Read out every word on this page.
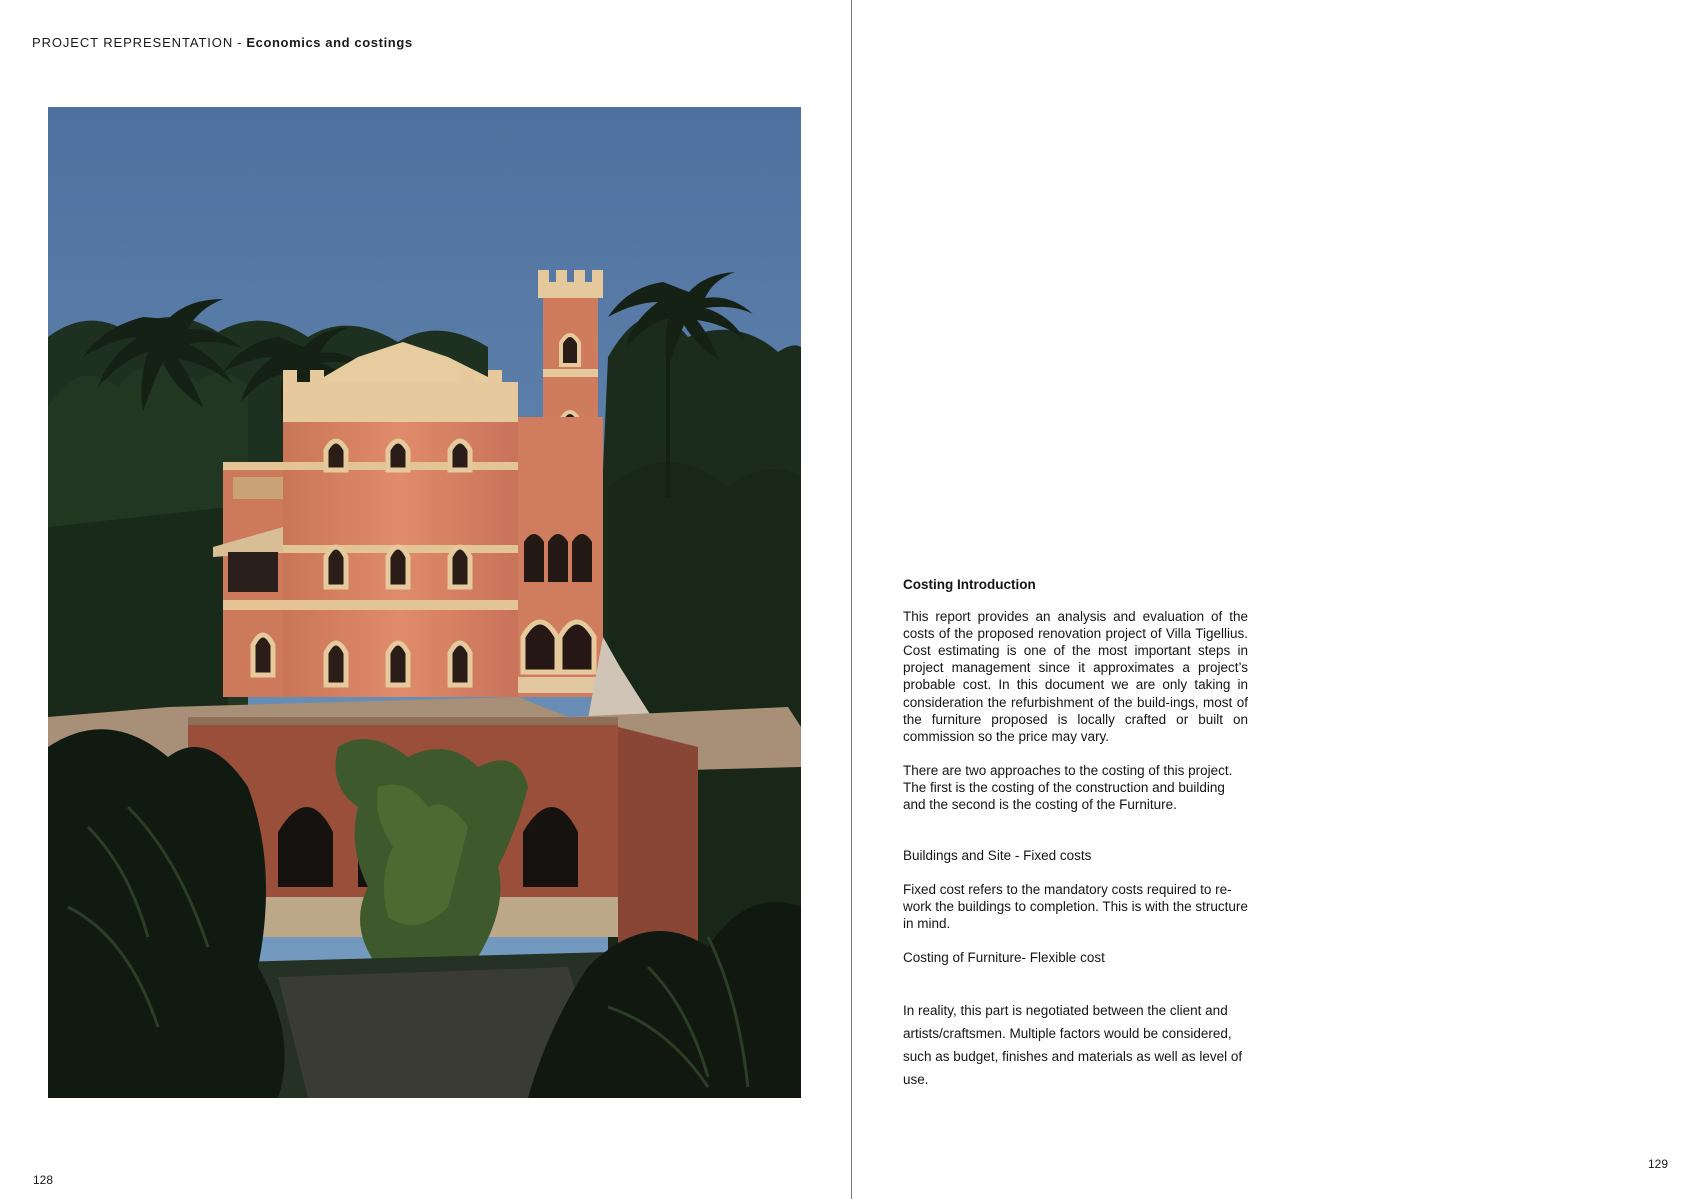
PROJECT REPRESENTATION - Economics and costings
128
Costing Introduction

This report provides an analysis and evaluation of the costs of the proposed renovation project of Villa Tigellius. Cost estimating is one of the most important steps in project management since it approximates a project’s probable cost. In this document we are only taking in consideration the refurbishment of the build-ings, most of the furniture proposed is locally crafted or built on commission so the price may vary.

There are two approaches to the costing of this project. The first is the costing of the construction and building and the second is the costing of the Furniture.

Buildings and Site - Fixed costs

Fixed cost refers to the mandatory costs required to re-work the buildings to completion. This is with the structure in mind.

Costing of Furniture- Flexible cost

In reality, this part is negotiated between the client and artists/craftsmen. Multiple factors would be considered, such as budget, finishes and materials as well as level of use.

129
